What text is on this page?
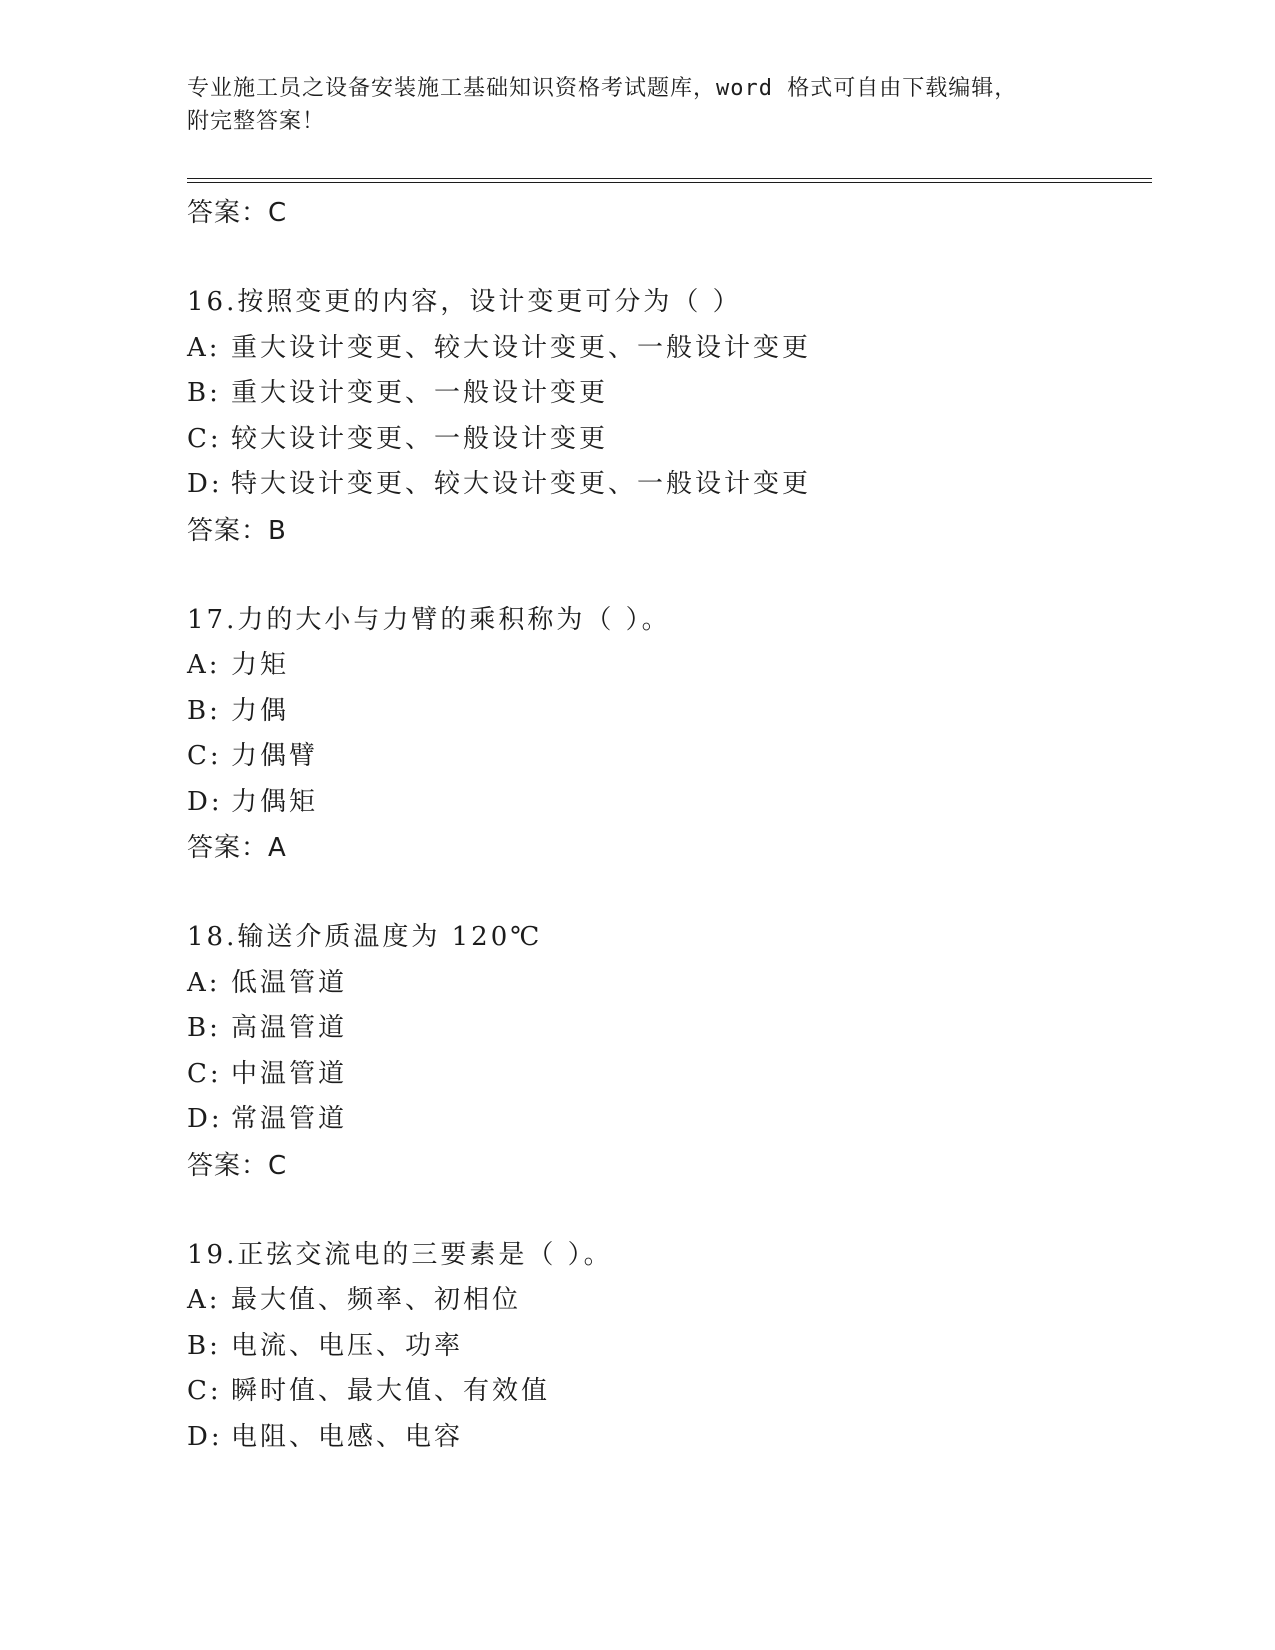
专业施工员之设备安装施工基础知识资格考试题库，word 格式可自由下载编辑，
附完整答案！
答案：C
16.按照变更的内容，设计变更可分为（ ）
A: 重大设计变更、较大设计变更、一般设计变更
B: 重大设计变更、一般设计变更
C: 较大设计变更、一般设计变更
D: 特大设计变更、较大设计变更、一般设计变更
答案：B
17.力的大小与力臂的乘积称为（ ）。
A: 力矩
B: 力偶
C: 力偶臂
D: 力偶矩
答案：A
18.输送介质温度为 120℃
A: 低温管道
B: 高温管道
C: 中温管道
D: 常温管道
答案：C
19.正弦交流电的三要素是（ ）。
A: 最大值、频率、初相位
B: 电流、电压、功率
C: 瞬时值、最大值、有效值
D: 电阻、电感、电容
